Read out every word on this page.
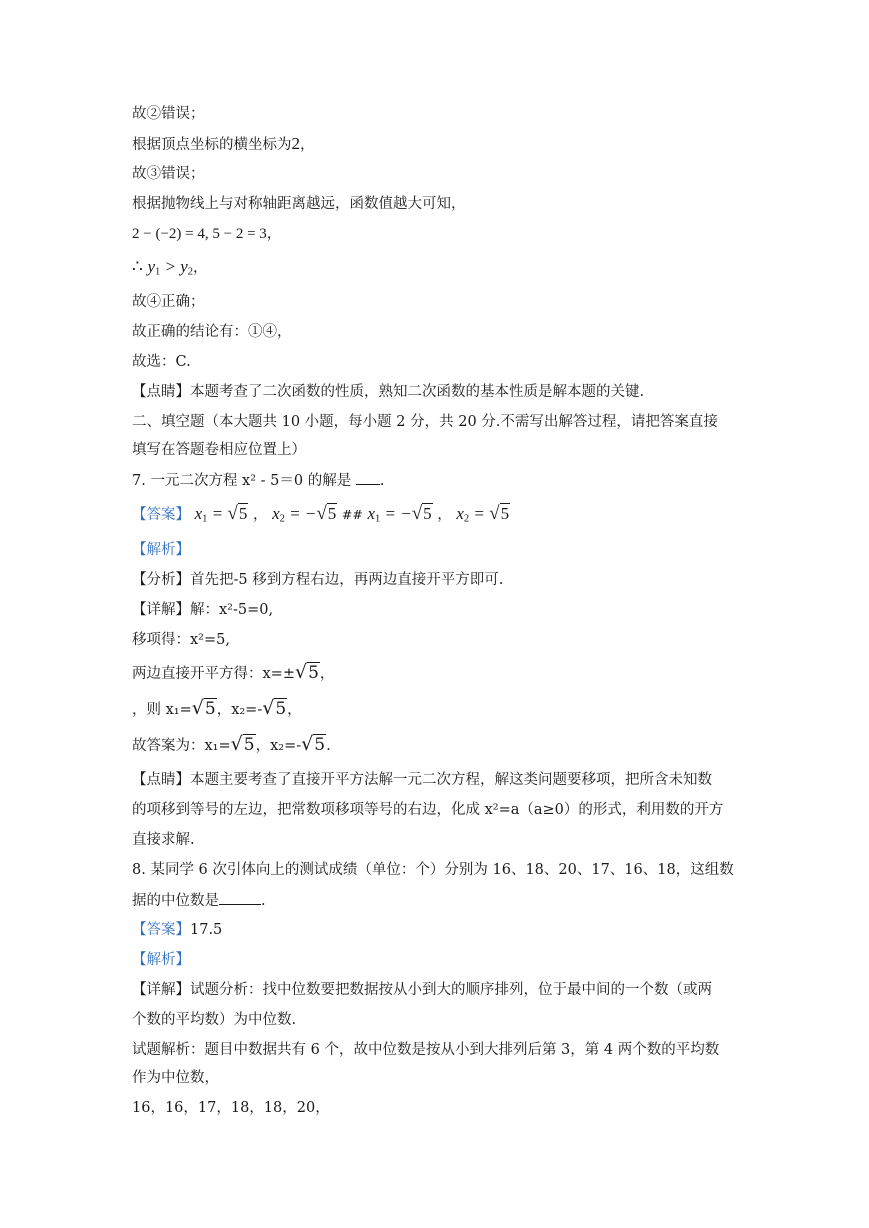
故②错误；
根据顶点坐标的横坐标为2，
故③错误；
根据抛物线上与对称轴距离越远，函数值越大可知，
2 − (−2) = 4, 5 − 2 = 3，
∴ $y_1 > y_2$，
故④正确；
故正确的结论有：①④，
故选：C.
【点睛】本题考查了二次函数的性质，熟知二次函数的基本性质是解本题的关键.
二、填空题（本大题共 10 小题，每小题 2 分，共 20 分.不需写出解答过程，请把答案直接
填写在答题卷相应位置上）
7. 一元二次方程 x² - 5＝0 的解是 .
【答案】 $x_1 = √5$ ， $x_2 = -√5$ ## $x_1 = -√5$ ， $x_2 = √5$
【解析】
【分析】首先把-5 移到方程右边，再两边直接开平方即可.
【详解】解：x²-5=0,
移项得：x²=5,
两边直接开平方得：x=±√5，
，则 x₁=√5，x₂=-√5，
故答案为：x₁=√5，x₂=-√5.
【点睛】本题主要考查了直接开平方法解一元二次方程，解这类问题要移项，把所含未知数
的项移到等号的左边，把常数项移项等号的右边，化成 x²=a（a≥0）的形式，利用数的开方
直接求解.
8. 某同学 6 次引体向上的测试成绩（单位：个）分别为 16、18、20、17、16、18，这组数
据的中位数是	.
【答案】17.5
【解析】
【详解】试题分析：找中位数要把数据按从小到大的顺序排列，位于最中间的一个数（或两
个数的平均数）为中位数.
试题解析：题目中数据共有 6 个，故中位数是按从小到大排列后第 3，第 4 两个数的平均数
作为中位数，
16，16，17，18，18，20，
